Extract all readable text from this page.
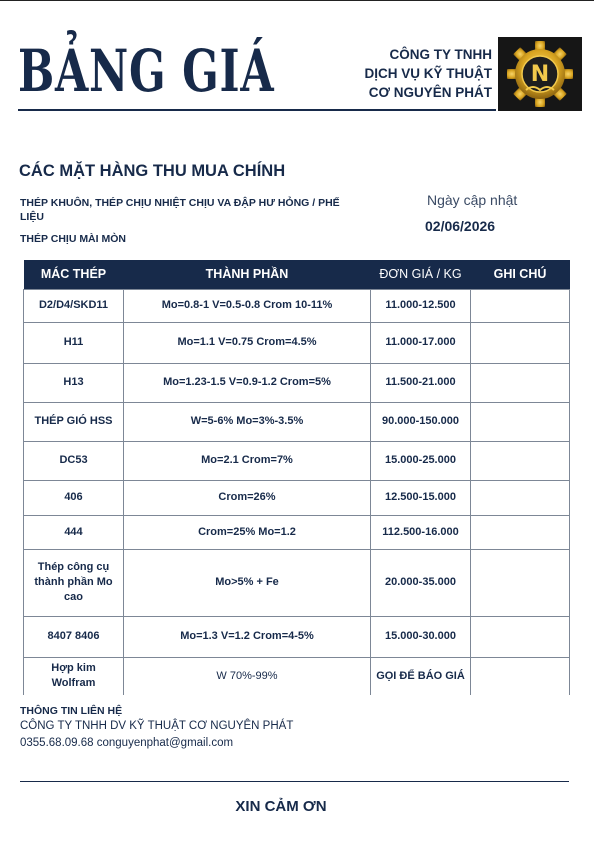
BẢNG GIÁ	CÔNG TY TNHH
DỊCH VỤ KỸ THUẬT
CƠ NGUYÊN PHÁT
N
CÁC MẶT HÀNG THU MUA CHÍNH
THÉP KHUÔN, THÉP CHỊU NHIỆT CHỊU VA ĐẬP HƯ HỎNG / PHẾ LIỆU
THÉP CHỊU MÀI MÒN
Ngày cập nhật
02/06/2026
MÁC THÉP	THÀNH PHẦN	ĐƠN GIÁ / KG	GHI CHÚ
D2/D4/SKD11	Mo=0.8-1 V=0.5-0.8 Crom 10-11%	11.000-12.500	
H11	Mo=1.1 V=0.75 Crom=4.5%	11.000-17.000	
H13	Mo=1.23-1.5 V=0.9-1.2 Crom=5%	11.500-21.000	
THÉP GIÓ HSS	W=5-6% Mo=3%-3.5%	90.000-150.000	
DC53	Mo=2.1 Crom=7%	15.000-25.000	
406	Crom=26%	12.500-15.000	
444	Crom=25% Mo=1.2	112.500-16.000	
Thép công cụ thành phần Mo cao	Mo>5% + Fe	20.000-35.000	
8407 8406	Mo=1.3 V=1.2 Crom=4-5%	15.000-30.000	
Hợp kim Wolfram	W 70%-99%	GỌI ĐỂ BÁO GIÁ	
THÔNG TIN LIÊN HỆ
CÔNG TY TNHH DV KỸ THUẬT CƠ NGUYÊN PHÁT
0355.68.09.68 conguyenphat@gmail.com
XIN CẢM ƠN
